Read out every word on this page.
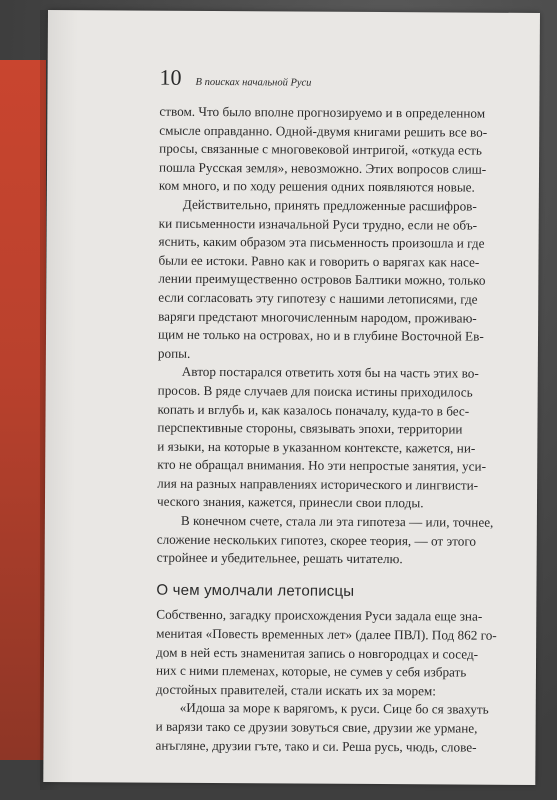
10 В поисках начальной Руси
ством. Что было вполне прогнозируемо и в определенном
смысле оправданно. Одной-двумя книгами решить все во-
просы, связанные с многовековой интригой, «откуда есть
пошла Русская земля», невозможно. Этих вопросов слиш-
ком много, и по ходу решения одних появляются новые.
Действительно, принять предложенные расшифров-
ки письменности изначальной Руси трудно, если не объ-
яснить, каким образом эта письменность произошла и где
были ее истоки. Равно как и говорить о варягах как насе-
лении преимущественно островов Балтики можно, только
если согласовать эту гипотезу с нашими летописями, где
варяги предстают многочисленным народом, проживаю-
щим не только на островах, но и в глубине Восточной Ев-
ропы.
Автор постарался ответить хотя бы на часть этих во-
просов. В ряде случаев для поиска истины приходилось
копать и вглубь и, как казалось поначалу, куда-то в бес-
перспективные стороны, связывать эпохи, территории
и языки, на которые в указанном контексте, кажется, ни-
кто не обращал внимания. Но эти непростые занятия, уси-
лия на разных направлениях исторического и лингвисти-
ческого знания, кажется, принесли свои плоды.
В конечном счете, стала ли эта гипотеза — или, точнее,
сложение нескольких гипотез, скорее теория, — от этого
стройнее и убедительнее, решать читателю.
О чем умолчали летописцы
Собственно, загадку происхождения Руси задала еще зна-
менитая «Повесть временных лет» (далее ПВЛ). Под 862 го-
дом в ней есть знаменитая запись о новгородцах и сосед-
них с ними племенах, которые, не сумев у себя избрать
достойных правителей, стали искать их за морем:
«Идоша за море к варягомъ, к руси. Сице бо ся звахуть
и варязи тако се друзии зовуться свие, друзии же урмане,
анъгляне, друзии гъте, тако и си. Реша русь, чюдь, слове-
